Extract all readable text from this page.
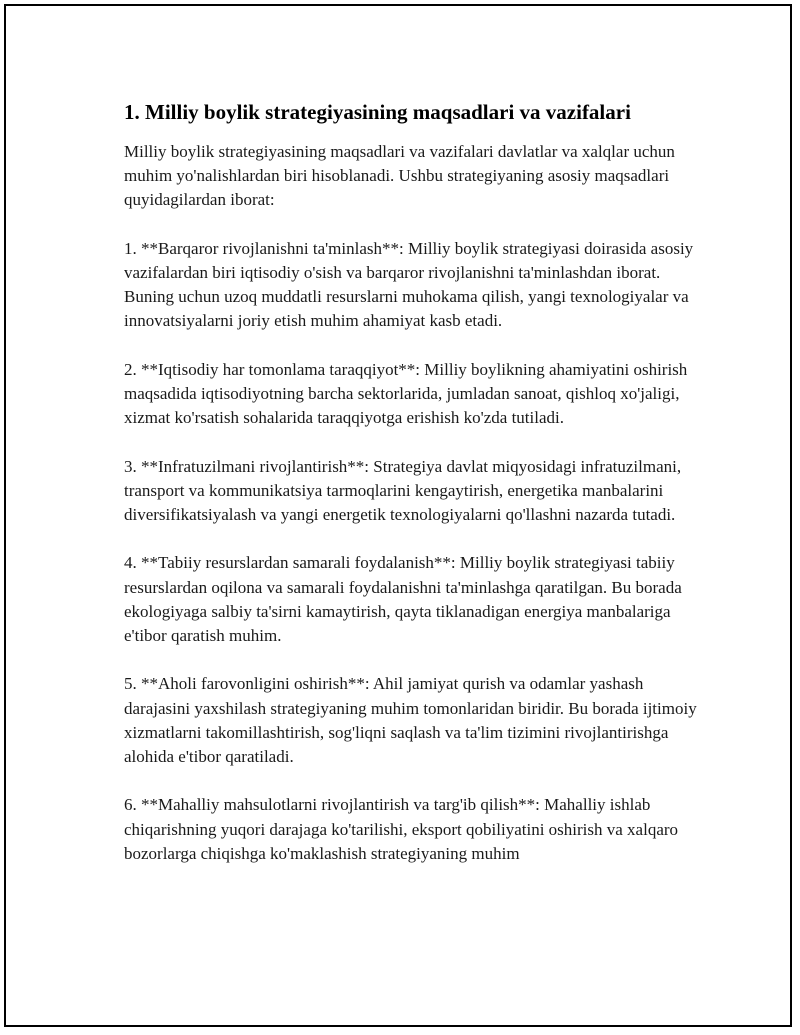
1. Milliy boylik strategiyasining maqsadlari va vazifalari

Milliy boylik strategiyasining maqsadlari va vazifalari davlatlar va xalqlar uchun muhim yo'nalishlardan biri hisoblanadi. Ushbu strategiyaning asosiy maqsadlari quyidagilardan iborat:

1. **Barqaror rivojlanishni ta'minlash**: Milliy boylik strategiyasi doirasida asosiy vazifalardan biri iqtisodiy o'sish va barqaror rivojlanishni ta'minlashdan iborat. Buning uchun uzoq muddatli resurslarni muhokama qilish, yangi texnologiyalar va innovatsiyalarni joriy etish muhim ahamiyat kasb etadi.

2. **Iqtisodiy har tomonlama taraqqiyot**: Milliy boylikning ahamiyatini oshirish maqsadida iqtisodiyotning barcha sektorlarida, jumladan sanoat, qishloq xo'jaligi, xizmat ko'rsatish sohalarida taraqqiyotga erishish ko'zda tutiladi.

3. **Infratuzilmani rivojlantirish**: Strategiya davlat miqyosidagi infratuzilmani, transport va kommunikatsiya tarmoqlarini kengaytirish, energetika manbalarini diversifikatsiyalash va yangi energetik texnologiyalarni qo'llashni nazarda tutadi.

4. **Tabiiy resurslardan samarali foydalanish**: Milliy boylik strategiyasi tabiiy resurslardan oqilona va samarali foydalanishni ta'minlashga qaratilgan. Bu borada ekologiyaga salbiy ta'sirni kamaytirish, qayta tiklanadigan energiya manbalariga e'tibor qaratish muhim.

5. **Aholi farovonligini oshirish**: Ahil jamiyat qurish va odamlar yashash darajasini yaxshilash strategiyaning muhim tomonlaridan biridir. Bu borada ijtimoiy xizmatlarni takomillashtirish, sog'liqni saqlash va ta'lim tizimini rivojlantirishga alohida e'tibor qaratiladi.

6. **Mahalliy mahsulotlarni rivojlantirish va targ'ib qilish**: Mahalliy ishlab chiqarishning yuqori darajaga ko'tarilishi, eksport qobiliyatini oshirish va xalqaro bozorlarga chiqishga ko'maklashish strategiyaning muhim
